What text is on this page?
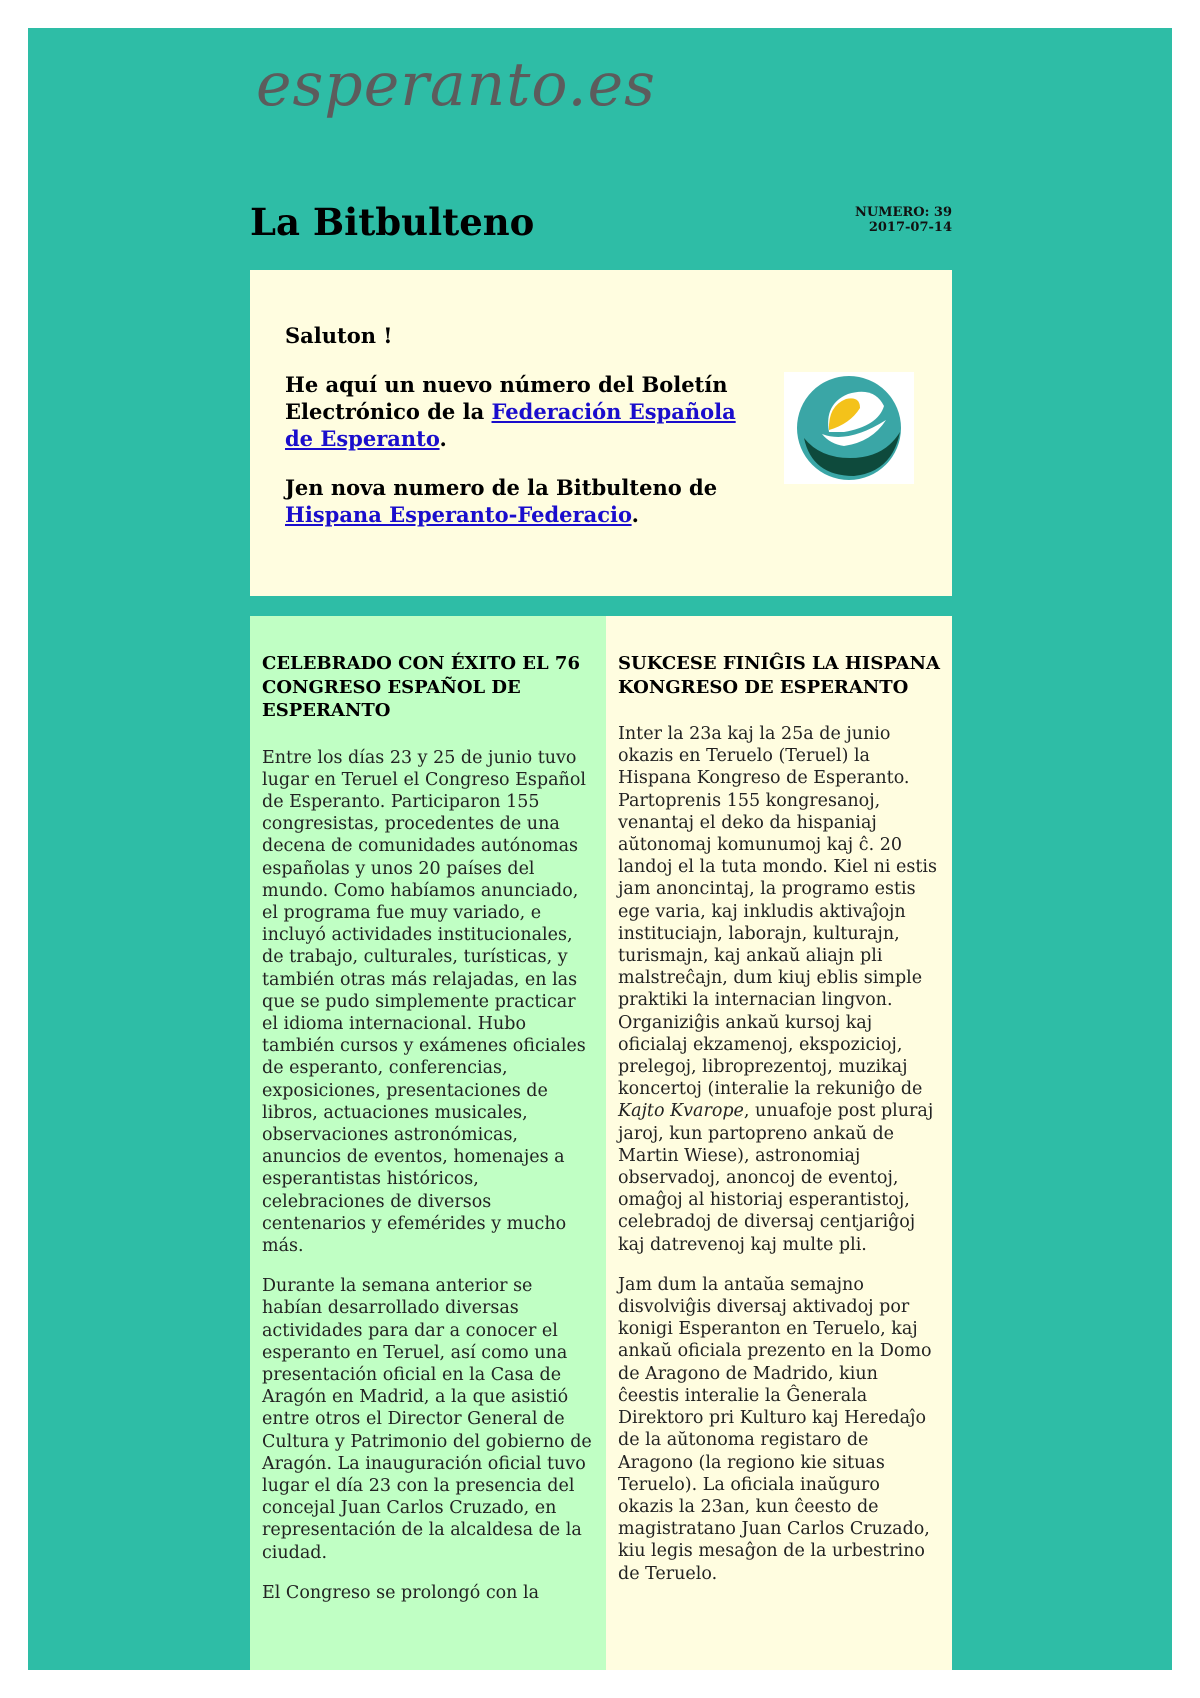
esperanto.es
La Bitbulteno	NUMERO: 39
2017-07-14

Saluton !

He aquí un nuevo número del Boletín Electrónico de la Federación Española de Esperanto.

Jen nova numero de la Bitbulteno de Hispana Esperanto-Federacio.

CELEBRADO CON ÉXITO EL 76 CONGRESO ESPAÑOL DE ESPERANTO

Entre los días 23 y 25 de junio tuvo lugar en Teruel el Congreso Español de Esperanto. Participaron 155 congresistas, procedentes de una decena de comunidades autónomas españolas y unos 20 países del mundo. Como habíamos anunciado, el programa fue muy variado, e incluyó actividades institucionales, de trabajo, culturales, turísticas, y también otras más relajadas, en las que se pudo simplemente practicar el idioma internacional. Hubo también cursos y exámenes oficiales de esperanto, conferencias, exposiciones, presentaciones de libros, actuaciones musicales, observaciones astronómicas, anuncios de eventos, homenajes a esperantistas históricos, celebraciones de diversos centenarios y efemérides y mucho más.

Durante la semana anterior se habían desarrollado diversas actividades para dar a conocer el esperanto en Teruel, así como una presentación oficial en la Casa de Aragón en Madrid, a la que asistió entre otros el Director General de Cultura y Patrimonio del gobierno de Aragón. La inauguración oficial tuvo lugar el día 23 con la presencia del concejal Juan Carlos Cruzado, en representación de la alcaldesa de la ciudad.

El Congreso se prolongó con la

SUKCESE FINIĜIS LA HISPANA KONGRESO DE ESPERANTO

Inter la 23a kaj la 25a de junio okazis en Teruelo (Teruel) la Hispana Kongreso de Esperanto. Partoprenis 155 kongresanoj, venantaj el deko da hispaniaj aŭtonomaj komunumoj kaj ĉ. 20 landoj el la tuta mondo. Kiel ni estis jam anoncintaj, la programo estis ege varia, kaj inkludis aktivaĵojn instituciajn, laborajn, kulturajn, turismajn, kaj ankaŭ aliajn pli malstreĉajn, dum kiuj eblis simple praktiki la internacian lingvon. Organiziĝis ankaŭ kursoj kaj oficialaj ekzamenoj, ekspozicioj, prelegoj, libroprezentoj, muzikaj koncertoj (interalie la rekuniĝo de Kajto Kvarope, unuafoje post pluraj jaroj, kun partopreno ankaŭ de Martin Wiese), astronomiaj observadoj, anoncoj de eventoj, omaĝoj al historiaj esperantistoj, celebradoj de diversaj centjariĝoj kaj datrevenoj kaj multe pli.

Jam dum la antaŭa semajno disvolviĝis diversaj aktivadoj por konigi Esperanton en Teruelo, kaj ankaŭ oficiala prezento en la Domo de Aragono de Madrido, kiun ĉeestis interalie la Ĝenerala Direktoro pri Kulturo kaj Heredaĵo de la aŭtonoma registaro de Aragono (la regiono kie situas Teruelo). La oficiala inaŭguro okazis la 23an, kun ĉeesto de magistratano Juan Carlos Cruzado, kiu legis mesaĝon de la urbestrino de Teruelo.
